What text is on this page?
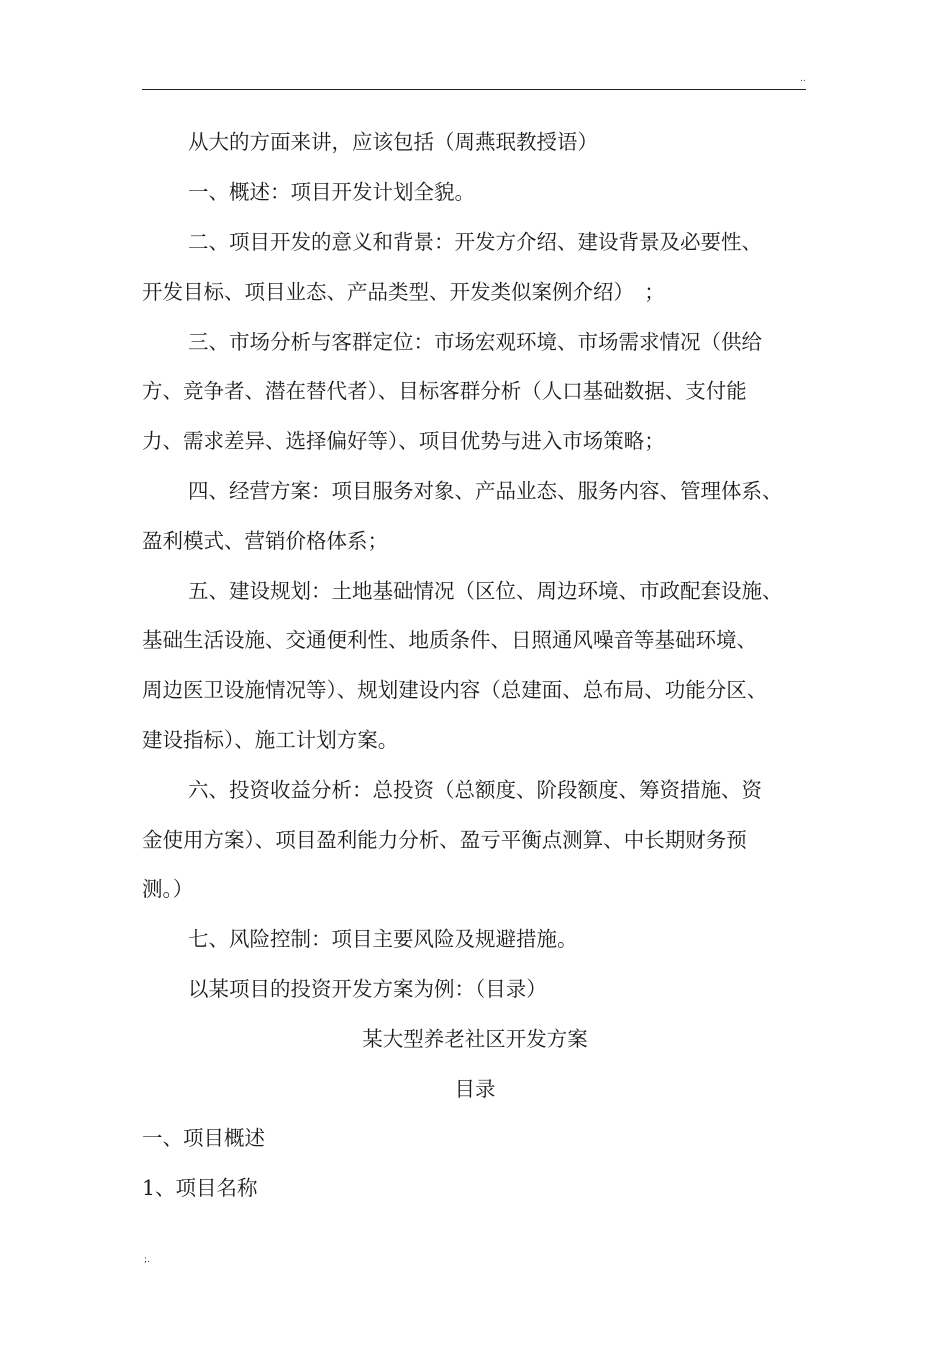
..
从大的方面来讲，应该包括（周燕珉教授语）
一、概述：项目开发计划全貌。
二、项目开发的意义和背景：开发方介绍、建设背景及必要性、
开发目标、项目业态、产品类型、开发类似案例介绍）　；
三、市场分析与客群定位：市场宏观环境、市场需求情况（供给
方、竞争者、潜在替代者）、目标客群分析（人口基础数据、支付能
力、需求差异、选择偏好等）、项目优势与进入市场策略；
四、经营方案：项目服务对象、产品业态、服务内容、管理体系、
盈利模式、营销价格体系；
五、建设规划：土地基础情况（区位、周边环境、市政配套设施、
基础生活设施、交通便利性、地质条件、日照通风噪音等基础环境、
周边医卫设施情况等）、规划建设内容（总建面、总布局、功能分区、
建设指标）、施工计划方案。
六、投资收益分析：总投资（总额度、阶段额度、筹资措施、资
金使用方案）、项目盈利能力分析、盈亏平衡点测算、中长期财务预
测。）
七、风险控制：项目主要风险及规避措施。
以某项目的投资开发方案为例：（目录）
某大型养老社区开发方案
目录
一、项目概述
1、项目名称
;.
